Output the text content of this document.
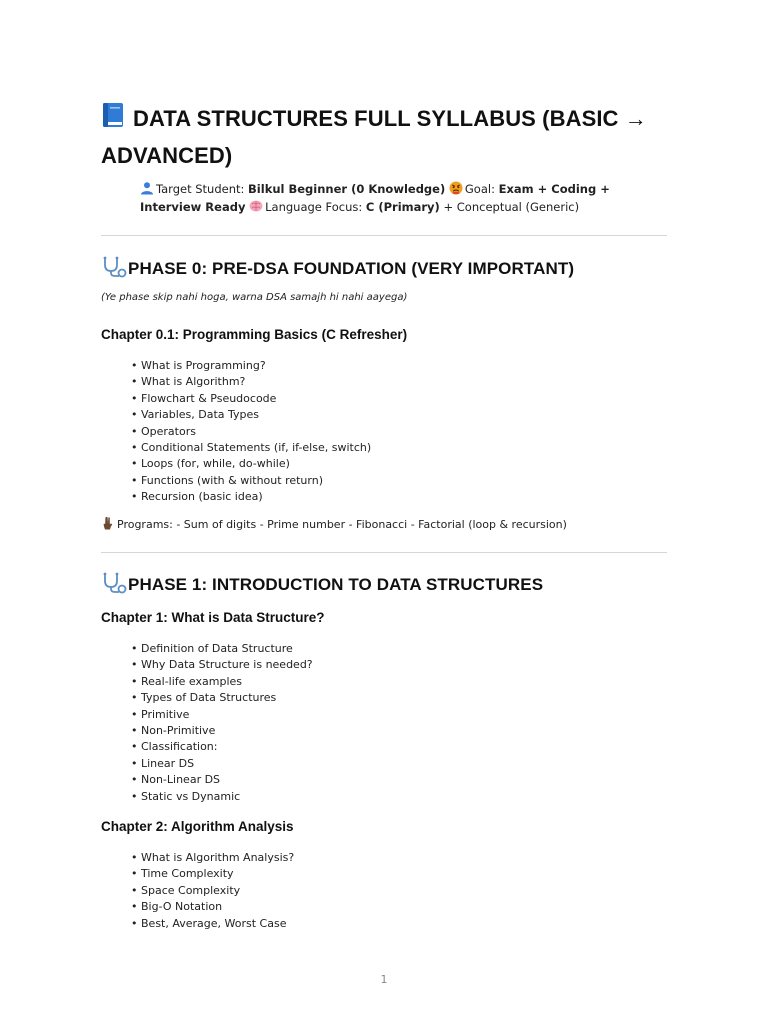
DATA STRUCTURES FULL SYLLABUS (BASIC → ADVANCED)
Target Student: Bilkul Beginner (0 Knowledge) Goal: Exam + Coding + Interview Ready Language Focus: C (Primary) + Conceptual (Generic)
PHASE 0: PRE-DSA FOUNDATION (VERY IMPORTANT)
(Ye phase skip nahi hoga, warna DSA samajh hi nahi aayega)
Chapter 0.1: Programming Basics (C Refresher)
• What is Programming?
• What is Algorithm?
• Flowchart & Pseudocode
• Variables, Data Types
• Operators
• Conditional Statements (if, if-else, switch)
• Loops (for, while, do-while)
• Functions (with & without return)
• Recursion (basic idea)
Programs: - Sum of digits - Prime number - Fibonacci - Factorial (loop & recursion)
PHASE 1: INTRODUCTION TO DATA STRUCTURES
Chapter 1: What is Data Structure?
• Definition of Data Structure
• Why Data Structure is needed?
• Real-life examples
• Types of Data Structures
• Primitive
• Non-Primitive
• Classification:
• Linear DS
• Non-Linear DS
• Static vs Dynamic
Chapter 2: Algorithm Analysis
• What is Algorithm Analysis?
• Time Complexity
• Space Complexity
• Big-O Notation
• Best, Average, Worst Case
1
